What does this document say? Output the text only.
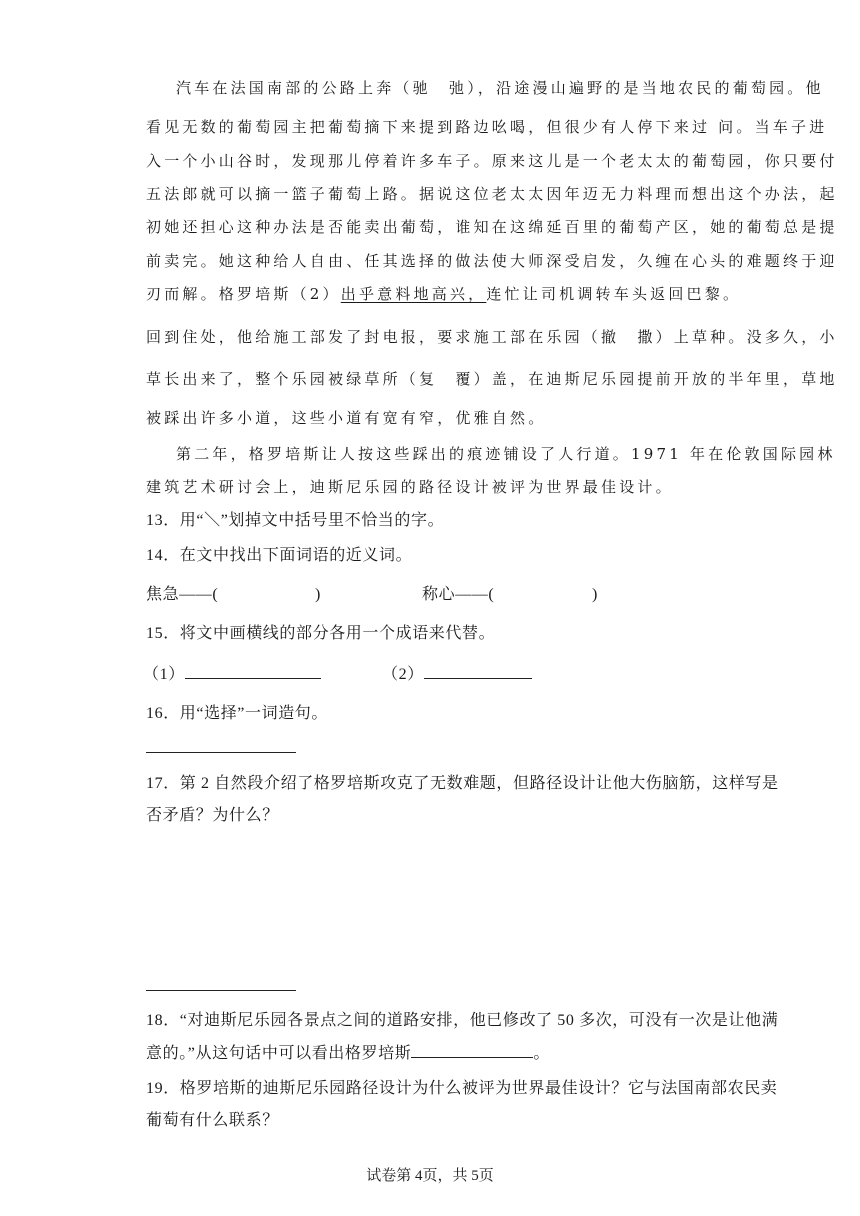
汽车在法国南部的公路上奔（驰　弛），沿途漫山遍野的是当地农民的葡萄园。他
看见无数的葡萄园主把葡萄摘下来提到路边吆喝，但很少有人停下来过 问。当车子进
入一个小山谷时，发现那儿停着许多车子。原来这儿是一个老太太的葡萄园，你只要付
五法郎就可以摘一篮子葡萄上路。据说这位老太太因年迈无力料理而想出这个办法，起
初她还担心这种办法是否能卖出葡萄，谁知在这绵延百里的葡萄产区，她的葡萄总是提
前卖完。她这种给人自由、任其选择的做法使大师深受启发，久缠在心头的难题终于迎
刃而解。格罗培斯（2）出乎意料地高兴，连忙让司机调转车头返回巴黎。
回到住处，他给施工部发了封电报，要求施工部在乐园（撤　撒）上草种。没多久，小
草长出来了，整个乐园被绿草所（复　覆）盖，在迪斯尼乐园提前开放的半年里，草地
被踩出许多小道，这些小道有宽有窄，优雅自然。
第二年，格罗培斯让人按这些踩出的痕迹铺设了人行道。1971 年在伦敦国际园林
建筑艺术研讨会上，迪斯尼乐园的路径设计被评为世界最佳设计。
13．用“＼”划掉文中括号里不恰当的字。
14．在文中找出下面词语的近义词。
焦急——(	)	称心——(	)
15．将文中画横线的部分各用一个成语来代替。
（1）	（2）
16．用“选择”一词造句。
17．第 2 自然段介绍了格罗培斯攻克了无数难题，但路径设计让他大伤脑筋，这样写是
否矛盾？为什么？
18．“对迪斯尼乐园各景点之间的道路安排，他已修改了 50 多次，可没有一次是让他满
意的。”从这句话中可以看出格罗培斯	。
19．格罗培斯的迪斯尼乐园路径设计为什么被评为世界最佳设计？它与法国南部农民卖
葡萄有什么联系？
试卷第 4页，共 5页
